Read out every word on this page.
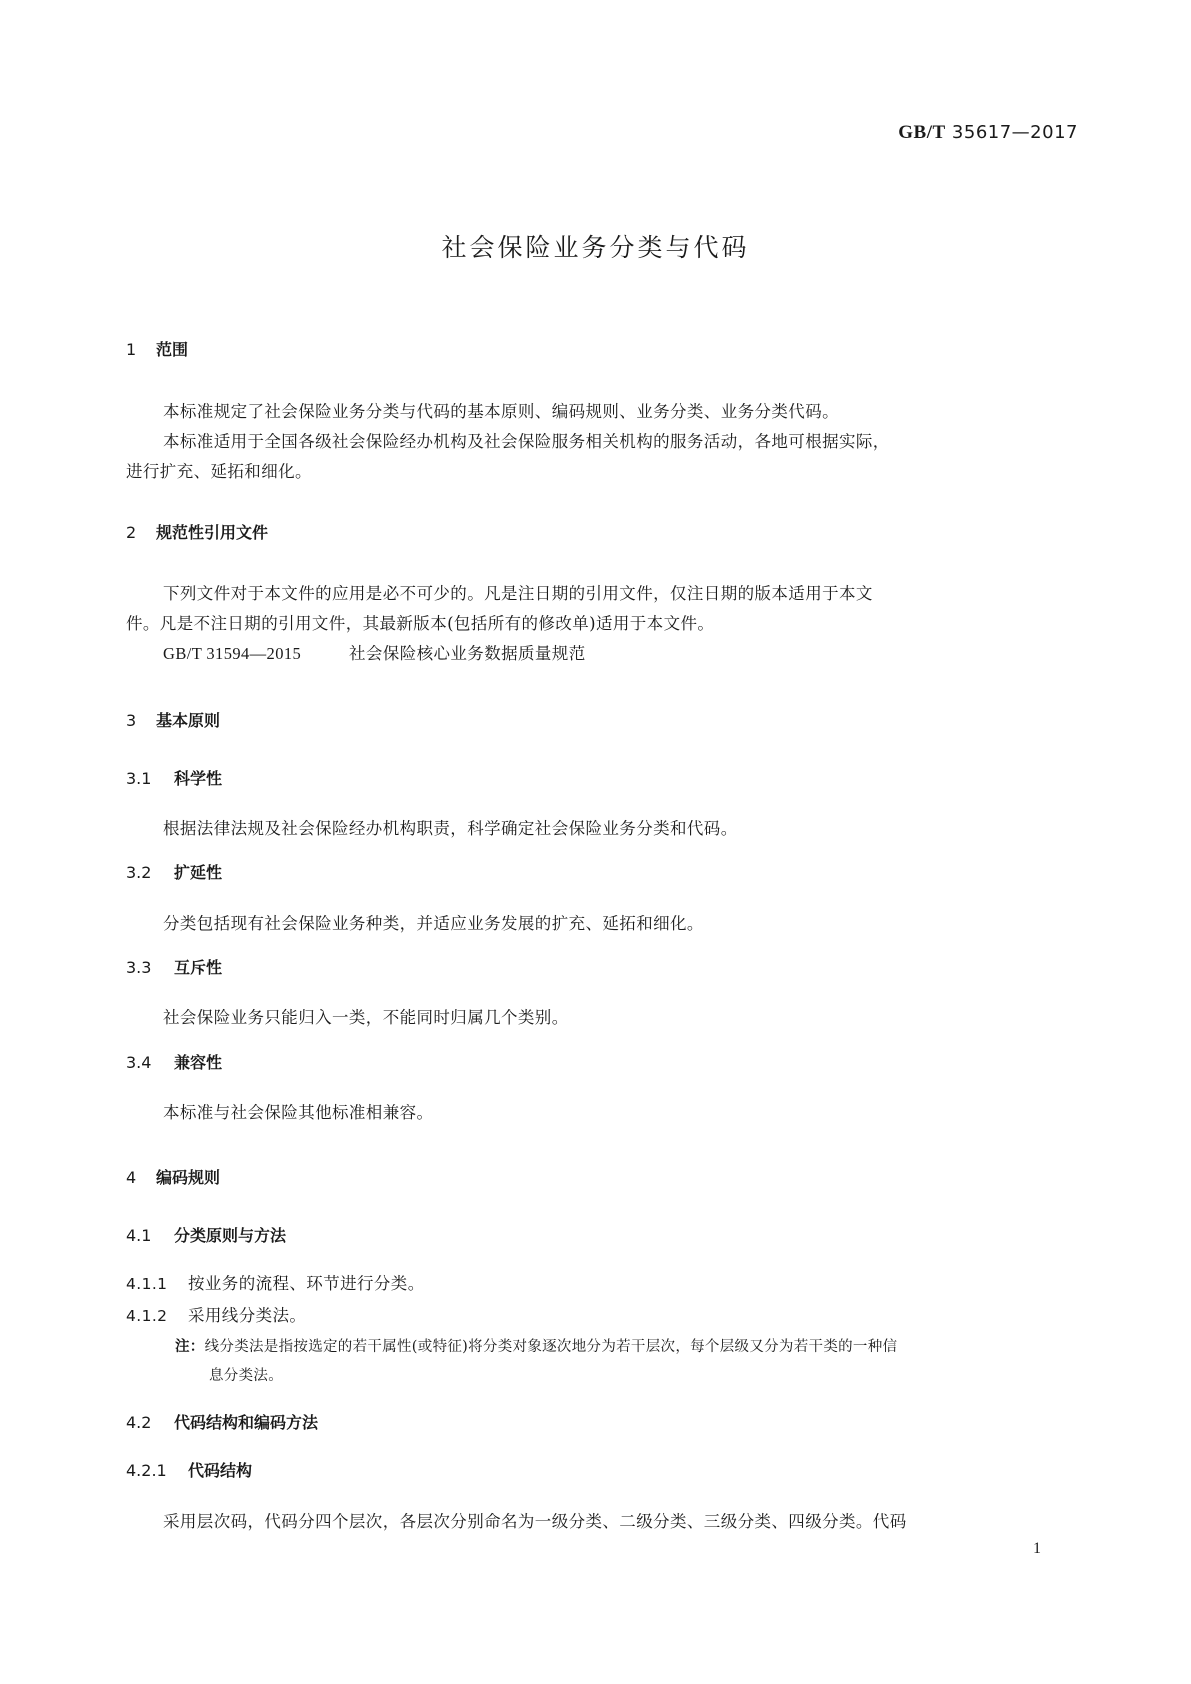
GB/T 35617—2017
社会保险业务分类与代码
1 范围
本标准规定了社会保险业务分类与代码的基本原则、编码规则、业务分类、业务分类代码。
本标准适用于全国各级社会保险经办机构及社会保险服务相关机构的服务活动，各地可根据实际，
进行扩充、延拓和细化。
2 规范性引用文件
下列文件对于本文件的应用是必不可少的。凡是注日期的引用文件，仅注日期的版本适用于本文
件。凡是不注日期的引用文件，其最新版本(包括所有的修改单)适用于本文件。
GB/T 31594—2015	社会保险核心业务数据质量规范
3 基本原则
3.1 科学性
根据法律法规及社会保险经办机构职责，科学确定社会保险业务分类和代码。
3.2 扩延性
分类包括现有社会保险业务种类，并适应业务发展的扩充、延拓和细化。
3.3 互斥性
社会保险业务只能归入一类，不能同时归属几个类别。
3.4 兼容性
本标准与社会保险其他标准相兼容。
4 编码规则
4.1 分类原则与方法
4.1.1 按业务的流程、环节进行分类。
4.1.2 采用线分类法。
注：线分类法是指按选定的若干属性(或特征)将分类对象逐次地分为若干层次，每个层级又分为若干类的一种信
息分类法。
4.2 代码结构和编码方法
4.2.1 代码结构
采用层次码，代码分四个层次，各层次分别命名为一级分类、二级分类、三级分类、四级分类。代码
1
